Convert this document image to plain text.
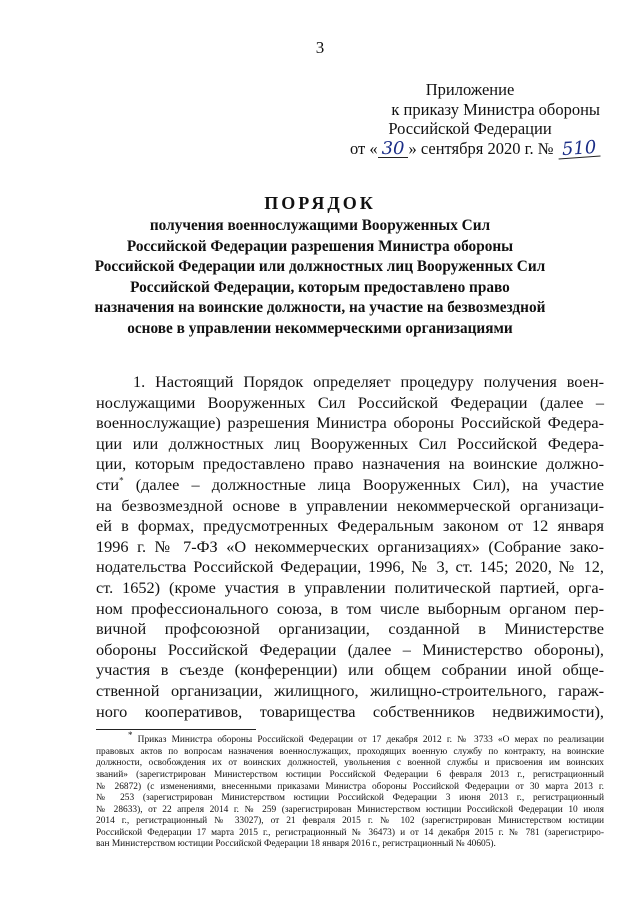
3
Приложение
к приказу Министра обороны
Российской Федерации
от « 30 » сентября 2020 г. № 510
ПОРЯДОК
получения военнослужащими Вооруженных Сил
Российской Федерации разрешения Министра обороны
Российской Федерации или должностных лиц Вооруженных Сил
Российской Федерации, которым предоставлено право
назначения на воинские должности, на участие на безвозмездной
основе в управлении некоммерческими организациями
1. Настоящий Порядок определяет процедуру получения воен-
нослужащими Вооруженных Сил Российской Федерации (далее –
военнослужащие) разрешения Министра обороны Российской Федера-
ции или должностных лиц Вооруженных Сил Российской Федера-
ции, которым предоставлено право назначения на воинские должно-
сти* (далее – должностные лица Вооруженных Сил), на участие
на безвозмездной основе в управлении некоммерческой организаци-
ей в формах, предусмотренных Федеральным законом от 12 января
1996 г. № 7-ФЗ «О некоммерческих организациях» (Собрание зако-
нодательства Российской Федерации, 1996, № 3, ст. 145; 2020, № 12,
ст. 1652) (кроме участия в управлении политической партией, орга-
ном профессионального союза, в том числе выборным органом пер-
вичной профсоюзной организации, созданной в Министерстве
обороны Российской Федерации (далее – Министерство обороны),
участия в съезде (конференции) или общем собрании иной обще-
ственной организации, жилищного, жилищно-строительного, гараж-
ного кооперативов, товарищества собственников недвижимости),
* Приказ Министра обороны Российской Федерации от 17 декабря 2012 г. № 3733 «О мерах по реализации
правовых актов по вопросам назначения военнослужащих, проходящих военную службу по контракту, на воинские
должности, освобождения их от воинских должностей, увольнения с военной службы и присвоения им воинских
званий» (зарегистрирован Министерством юстиции Российской Федерации 6 февраля 2013 г., регистрационный
№ 26872) (с изменениями, внесенными приказами Министра обороны Российской Федерации от 30 марта 2013 г.
№ 253 (зарегистрирован Министерством юстиции Российской Федерации 3 июня 2013 г., регистрационный
№ 28633), от 22 апреля 2014 г. № 259 (зарегистрирован Министерством юстиции Российской Федерации 10 июля
2014 г., регистрационный № 33027), от 21 февраля 2015 г. № 102 (зарегистрирован Министерством юстиции
Российской Федерации 17 марта 2015 г., регистрационный № 36473) и от 14 декабря 2015 г. № 781 (зарегистриро-
ван Министерством юстиции Российской Федерации 18 января 2016 г., регистрационный № 40605).
